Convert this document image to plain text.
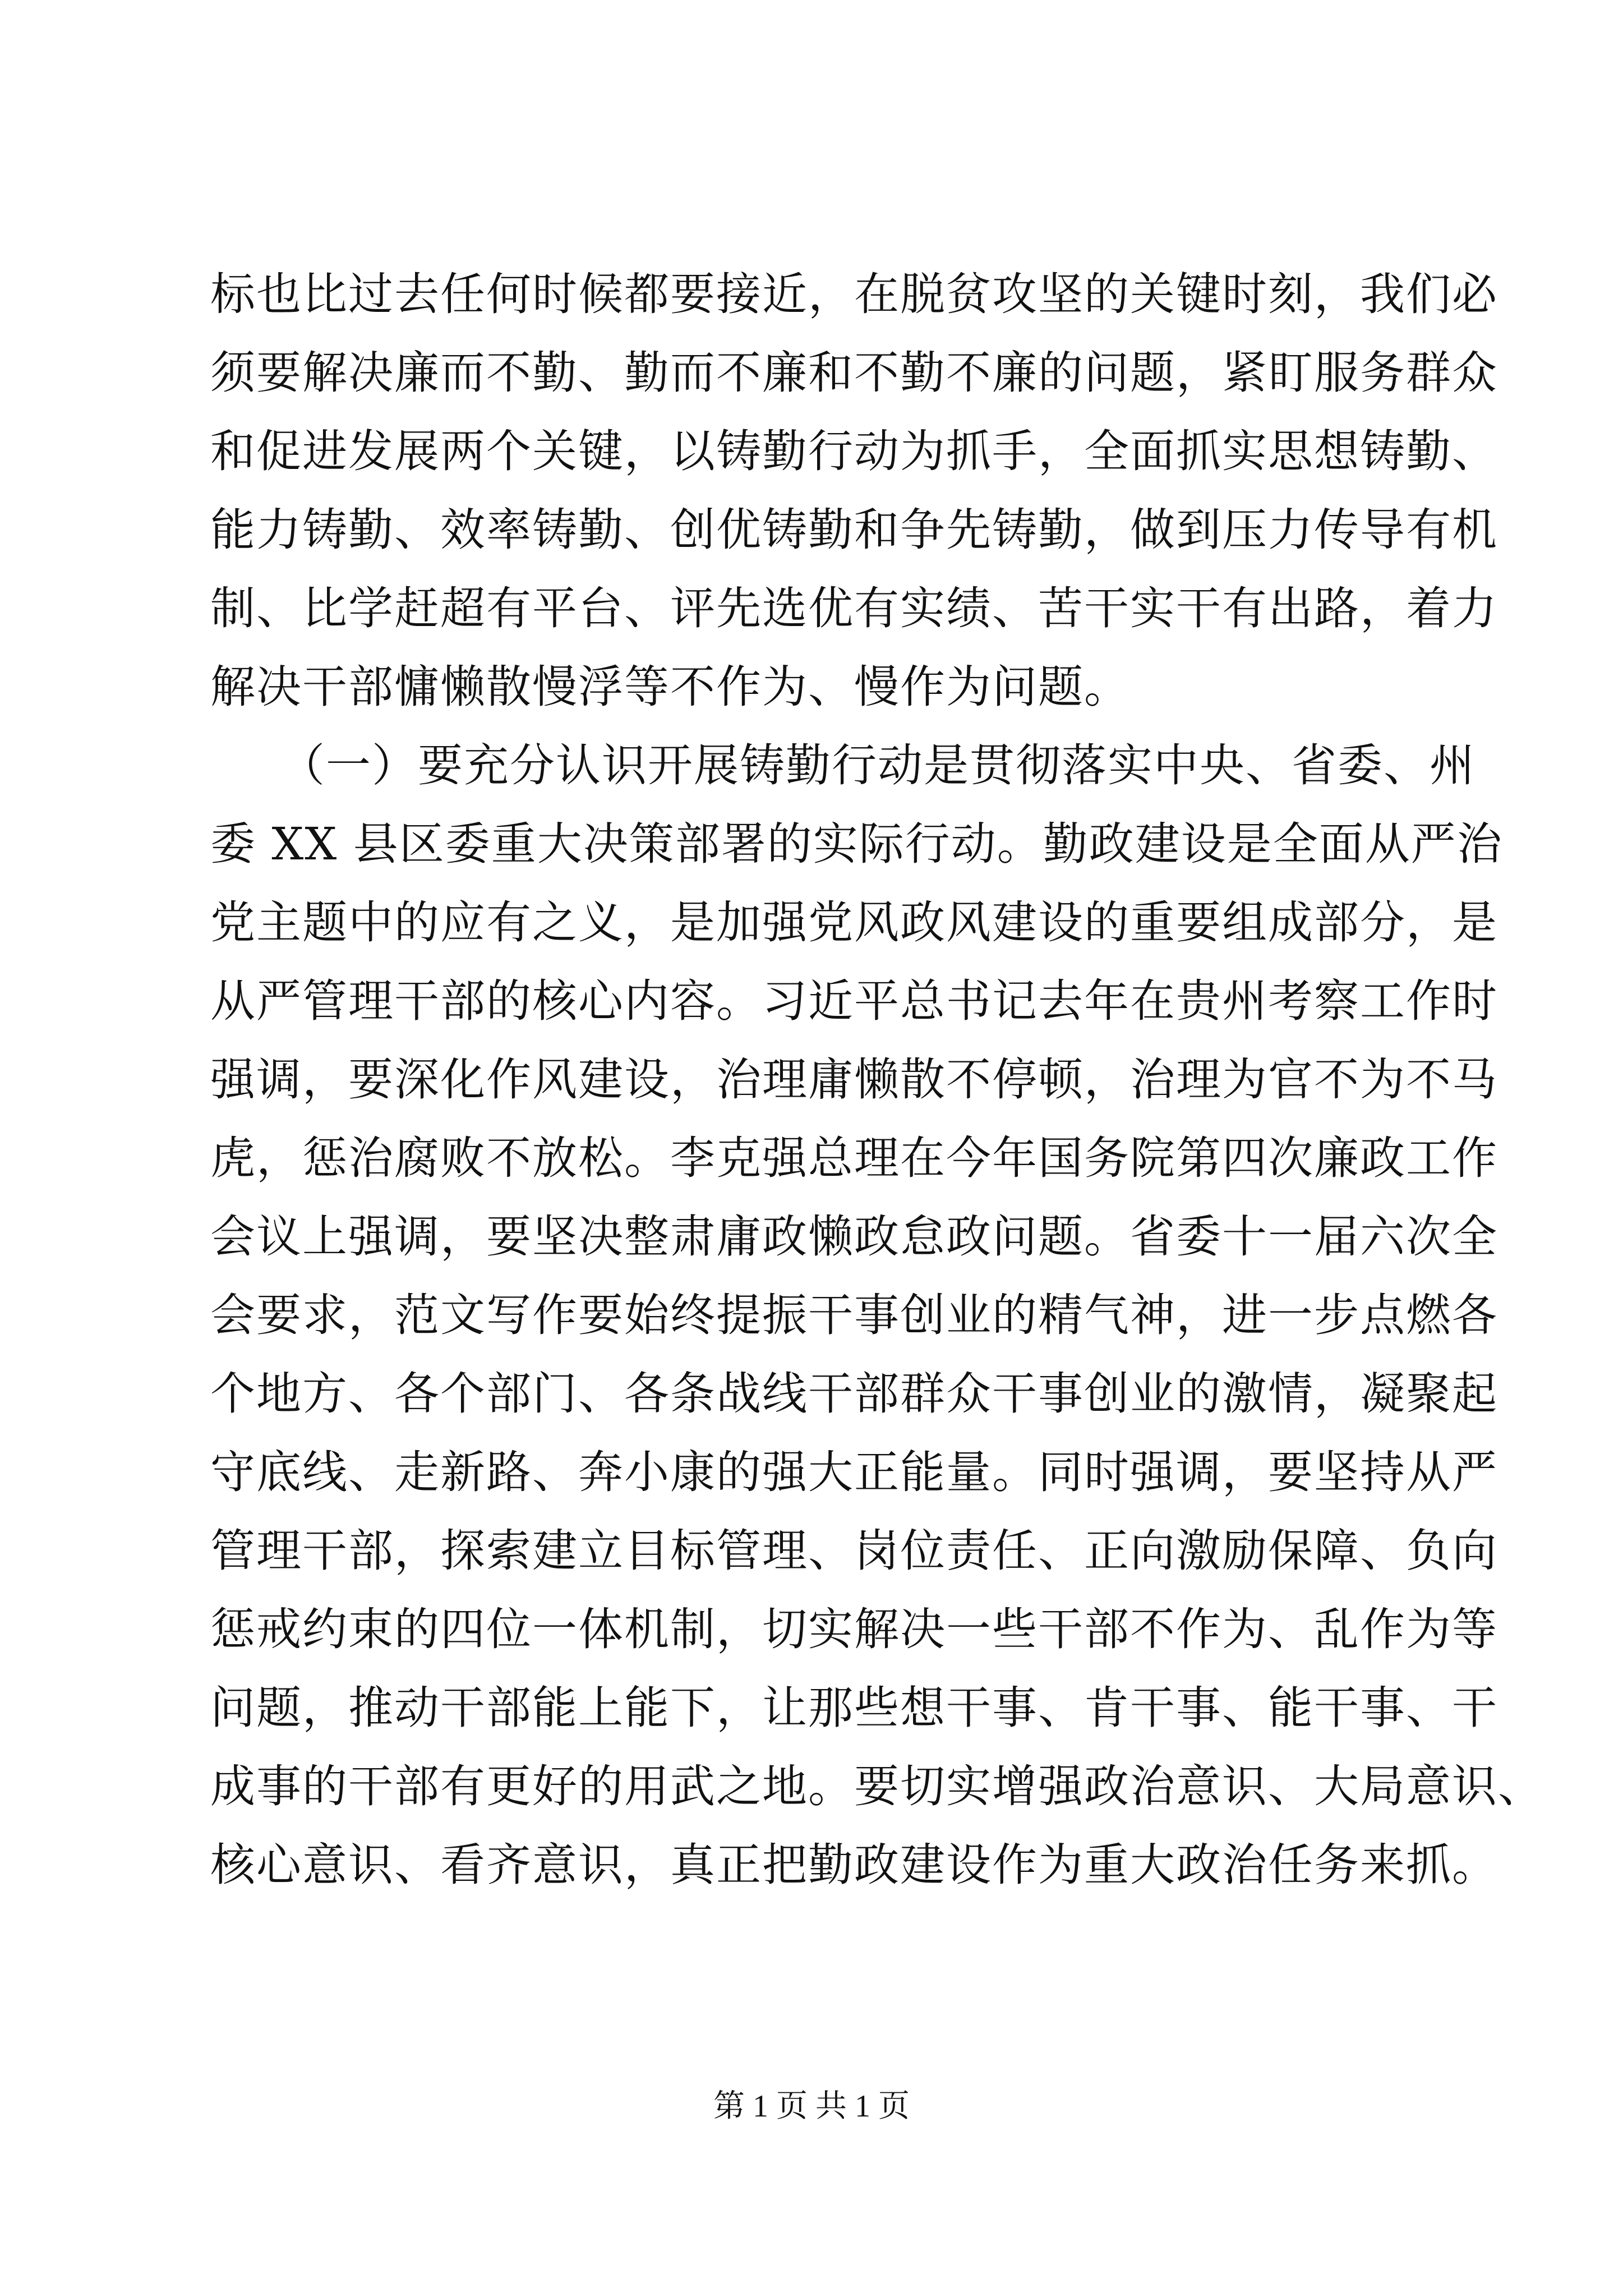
标也比过去任何时候都要接近，在脱贫攻坚的关键时刻，我们必
须要解决廉而不勤、勤而不廉和不勤不廉的问题，紧盯服务群众
和促进发展两个关键，以铸勤行动为抓手，全面抓实思想铸勤、
能力铸勤、效率铸勤、创优铸勤和争先铸勤，做到压力传导有机
制、比学赶超有平台、评先选优有实绩、苦干实干有出路，着力
解决干部慵懒散慢浮等不作为、慢作为问题。
　　（一）要充分认识开展铸勤行动是贯彻落实中央、省委、州
委 XX 县区委重大决策部署的实际行动。勤政建设是全面从严治
党主题中的应有之义，是加强党风政风建设的重要组成部分，是
从严管理干部的核心内容。习近平总书记去年在贵州考察工作时
强调，要深化作风建设，治理庸懒散不停顿，治理为官不为不马
虎，惩治腐败不放松。李克强总理在今年国务院第四次廉政工作
会议上强调，要坚决整肃庸政懒政怠政问题。省委十一届六次全
会要求，范文写作要始终提振干事创业的精气神，进一步点燃各
个地方、各个部门、各条战线干部群众干事创业的激情，凝聚起
守底线、走新路、奔小康的强大正能量。同时强调，要坚持从严
管理干部，探索建立目标管理、岗位责任、正向激励保障、负向
惩戒约束的四位一体机制，切实解决一些干部不作为、乱作为等
问题，推动干部能上能下，让那些想干事、肯干事、能干事、干
成事的干部有更好的用武之地。要切实增强政治意识、大局意识、
核心意识、看齐意识，真正把勤政建设作为重大政治任务来抓。
第 1 页 共 1 页
